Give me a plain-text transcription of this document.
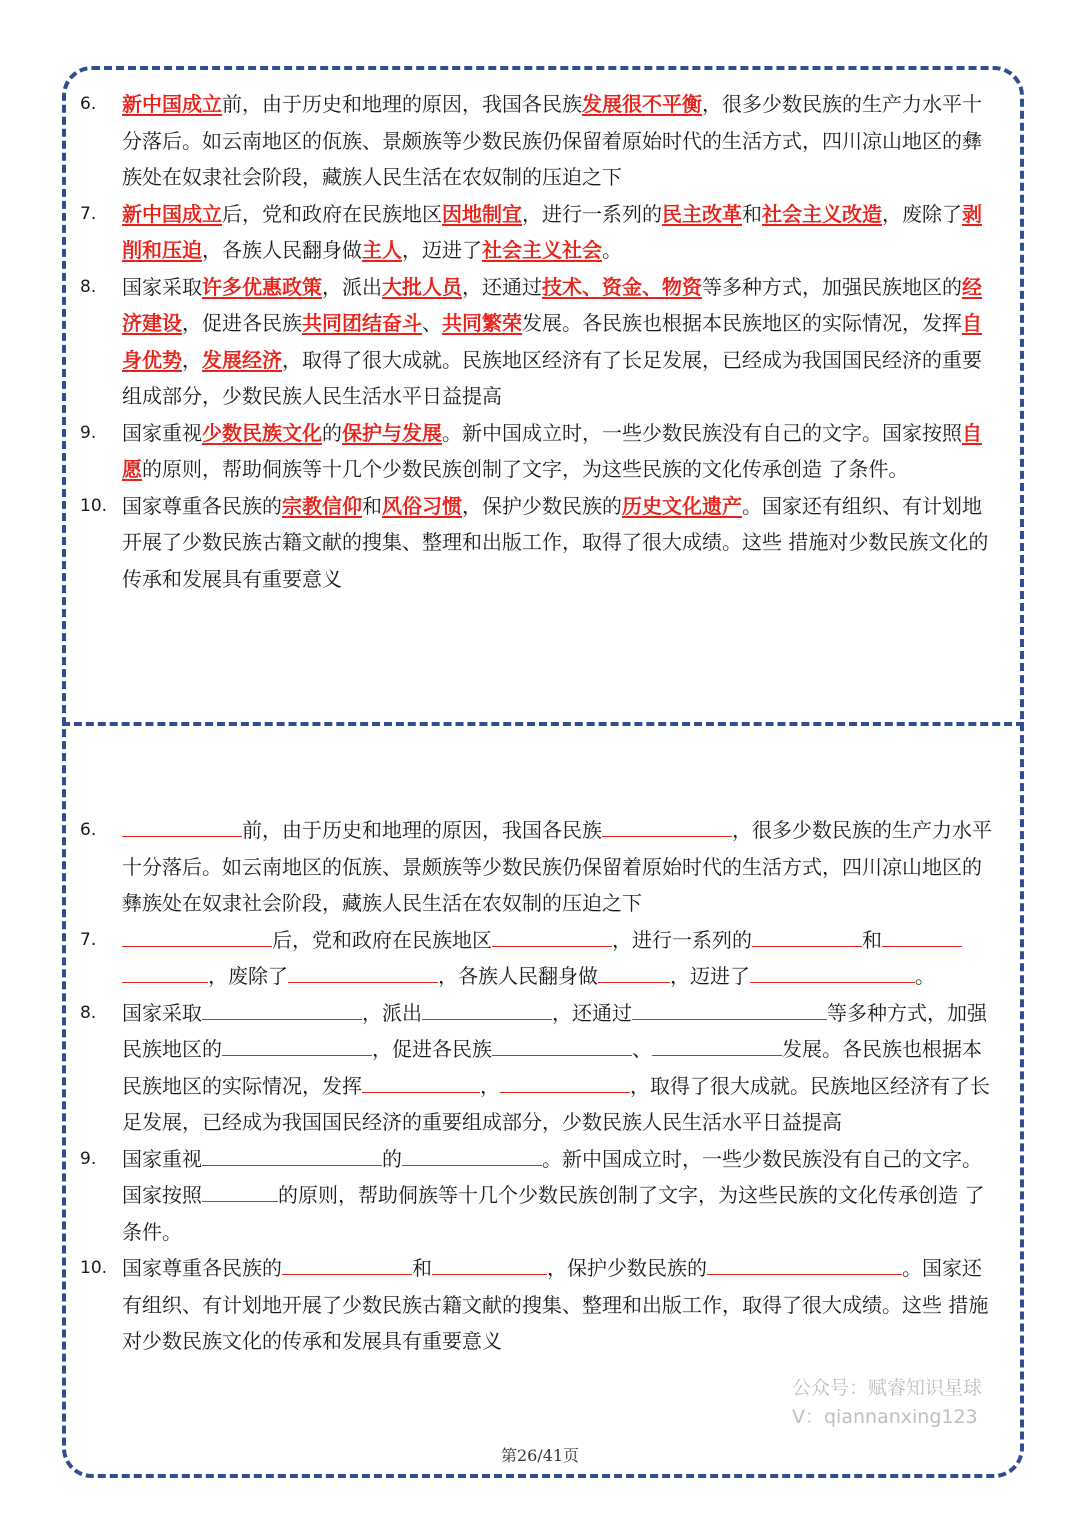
6.	新中国成立前，由于历史和地理的原因，我国各民族发展很不平衡，很多少数民族的生产力水平十分落后。如云南地区的佤族、景颇族等少数民族仍保留着原始时代的生活方式，四川凉山地区的彝族处在奴隶社会阶段，藏族人民生活在农奴制的压迫之下

7.	新中国成立后，党和政府在民族地区因地制宜，进行一系列的民主改革和社会主义改造，废除了剥削和压迫，各族人民翻身做主人，迈进了社会主义社会。

8.	国家采取许多优惠政策，派出大批人员，还通过技术、资金、物资等多种方式，加强民族地区的经济建设，促进各民族共同团结奋斗、共同繁荣发展。各民族也根据本民族地区的实际情况，发挥自身优势，发展经济，取得了很大成就。民族地区经济有了长足发展，已经成为我国国民经济的重要组成部分，少数民族人民生活水平日益提高

9.	国家重视少数民族文化的保护与发展。新中国成立时，一些少数民族没有自己的文字。国家按照自愿的原则，帮助侗族等十几个少数民族创制了文字，为这些民族的文化传承创造 了条件。

10. 国家尊重各民族的宗教信仰和风俗习惯，保护少数民族的历史文化遗产。国家还有组织、有计划地开展了少数民族古籍文献的搜集、整理和出版工作，取得了很大成绩。这些 措施对少数民族文化的传承和发展具有重要意义

6.	前，由于历史和地理的原因，我国各民族	，很多少数民族的生产力水平十分落后。如云南地区的佤族、景颇族等少数民族仍保留着原始时代的生活方式，四川凉山地区的彝族处在奴隶社会阶段，藏族人民生活在农奴制的压迫之下

7.	后，党和政府在民族地区	，进行一系列的	和，废除了	，各族人民翻身做	，迈进了	。

8.	国家采取	，派出	，还通过	等多种方式，加强民族地区的	，促进各民族	、	发展。各民族也根据本民族地区的实际情况，发挥	，	，取得了很大成就。民族地区经济有了长足发展，已经成为我国国民经济的重要组成部分，少数民族人民生活水平日益提高

9.	国家重视	的	。新中国成立时，一些少数民族没有自己的文字。国家按照	的原则，帮助侗族等十几个少数民族创制了文字，为这些民族的文化传承创造 了条件。

10. 国家尊重各民族的	和	，保护少数民族的	。国家还有组织、有计划地开展了少数民族古籍文献的搜集、整理和出版工作，取得了很大成绩。这些 措施对少数民族文化的传承和发展具有重要意义

公众号：赋睿知识星球
V：qiannanxing123
第26/41页
